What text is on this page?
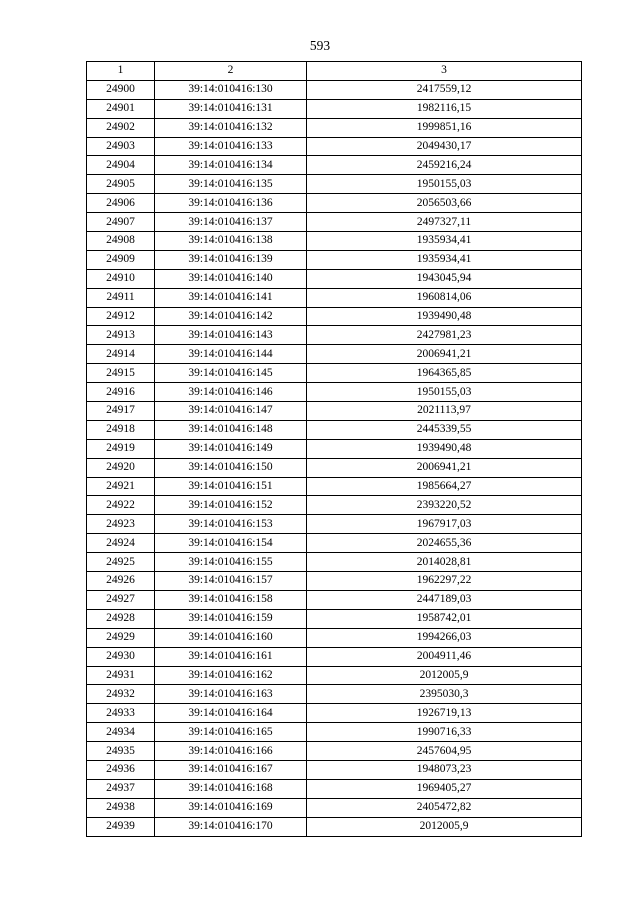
593
1	2	3
24900	39:14:010416:130	2417559,12
24901	39:14:010416:131	1982116,15
24902	39:14:010416:132	1999851,16
24903	39:14:010416:133	2049430,17
24904	39:14:010416:134	2459216,24
24905	39:14:010416:135	1950155,03
24906	39:14:010416:136	2056503,66
24907	39:14:010416:137	2497327,11
24908	39:14:010416:138	1935934,41
24909	39:14:010416:139	1935934,41
24910	39:14:010416:140	1943045,94
24911	39:14:010416:141	1960814,06
24912	39:14:010416:142	1939490,48
24913	39:14:010416:143	2427981,23
24914	39:14:010416:144	2006941,21
24915	39:14:010416:145	1964365,85
24916	39:14:010416:146	1950155,03
24917	39:14:010416:147	2021113,97
24918	39:14:010416:148	2445339,55
24919	39:14:010416:149	1939490,48
24920	39:14:010416:150	2006941,21
24921	39:14:010416:151	1985664,27
24922	39:14:010416:152	2393220,52
24923	39:14:010416:153	1967917,03
24924	39:14:010416:154	2024655,36
24925	39:14:010416:155	2014028,81
24926	39:14:010416:157	1962297,22
24927	39:14:010416:158	2447189,03
24928	39:14:010416:159	1958742,01
24929	39:14:010416:160	1994266,03
24930	39:14:010416:161	2004911,46
24931	39:14:010416:162	2012005,9
24932	39:14:010416:163	2395030,3
24933	39:14:010416:164	1926719,13
24934	39:14:010416:165	1990716,33
24935	39:14:010416:166	2457604,95
24936	39:14:010416:167	1948073,23
24937	39:14:010416:168	1969405,27
24938	39:14:010416:169	2405472,82
24939	39:14:010416:170	2012005,9
